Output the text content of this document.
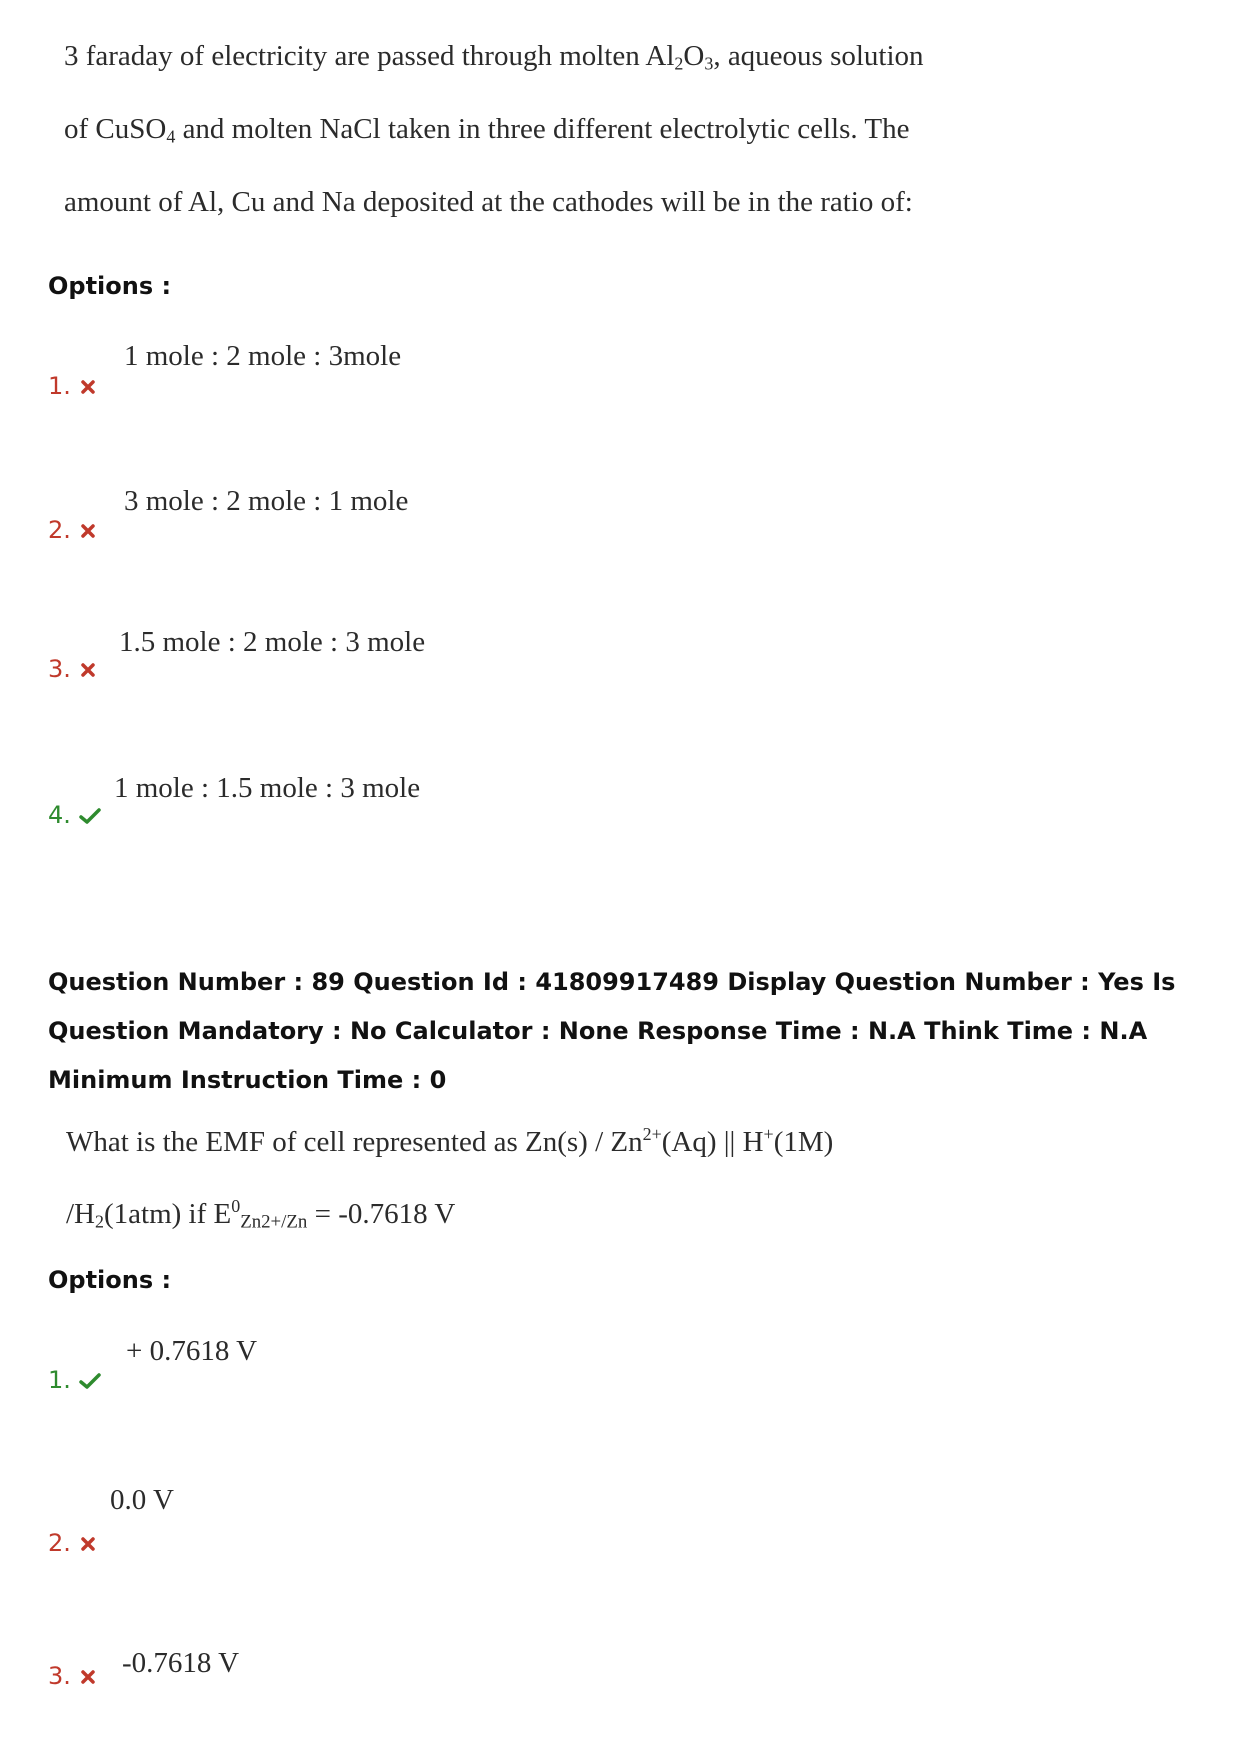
3 faraday of electricity are passed through molten $Al_2O_3$, aqueous solution
of CuSO$_4$ and molten NaCl taken in three different electrolytic cells. The
amount of Al, Cu and Na deposited at the cathodes will be in the ratio of:
Options :
1 mole : 2 mole : 3mole
1.
3 mole : 2 mole : 1 mole
2.
1.5 mole : 2 mole : 3 mole
3.
1 mole : 1.5 mole : 3 mole
4.
Question Number : 89 Question Id : 41809917489 Display Question Number : Yes Is Question Mandatory : No Calculator : None Response Time : N.A Think Time : N.A Minimum Instruction Time : 0
What is the EMF of cell represented as $Zn(s) / Zn^{2+}(Aq)$ || H+(1M)
$/H_2(1atm)$ if $E^0_{Zn2+/Zn} = -0.7618$ V
Options :
+ 0.7618 V
1.
0.0 V
2.
-0.7618 V
3.
